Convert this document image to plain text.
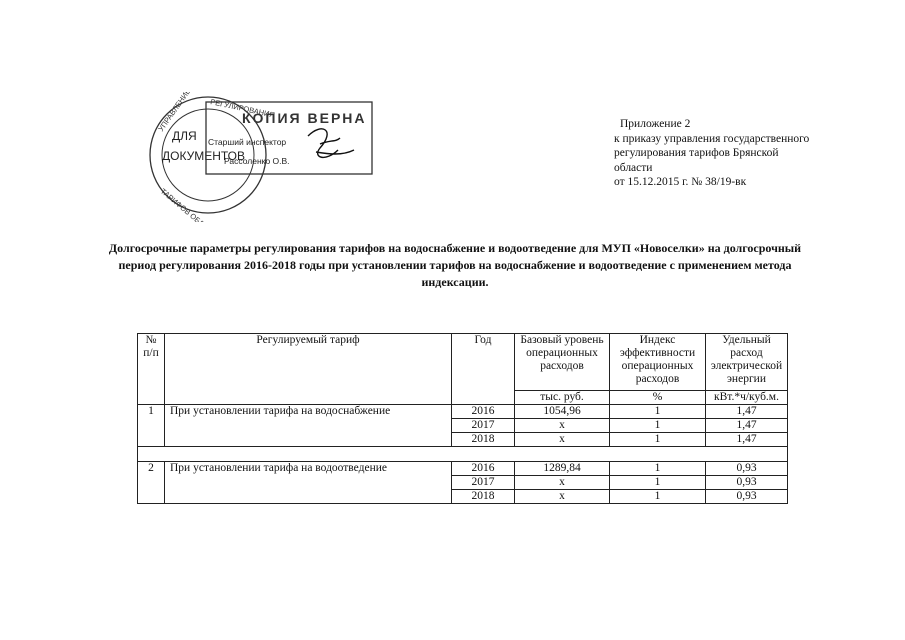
УПРАВЛЕНИЕ ГОС. РЕГУЛИРОВАНИЯ
ТАРИФОВ ОБЛАСТИ
ДЛЯ
ДОКУМЕНТОВ
КОПИЯ ВЕРНА
Старший инспектор
Рассоленко О.В.
Приложение 2
к приказу управления государственного
регулирования тарифов Брянской
области
от 15.12.2015 г. № 38/19-вк
Долгосрочные параметры регулирования тарифов на водоснабжение и водоотведение для МУП «Новоселки» на долгосрочный
период регулирования 2016-2018 годы при установлении тарифов на водоснабжение и водоотведение с применением метода
индексации.
№ п/п	Регулируемый тариф	Год	Базовый уровень операционных расходов	Индекс эффективности операционных расходов	Удельный расход электрической энергии
			тыс. руб.	%	кВт.*ч/куб.м.
1	При установлении тарифа на водоснабжение	2016	1054,96	1	1,47
		2017	х	1	1,47
		2018	х	1	1,47

2	При установлении тарифа на водоотведение	2016	1289,84	1	0,93
		2017	х	1	0,93
		2018	х	1	0,93
